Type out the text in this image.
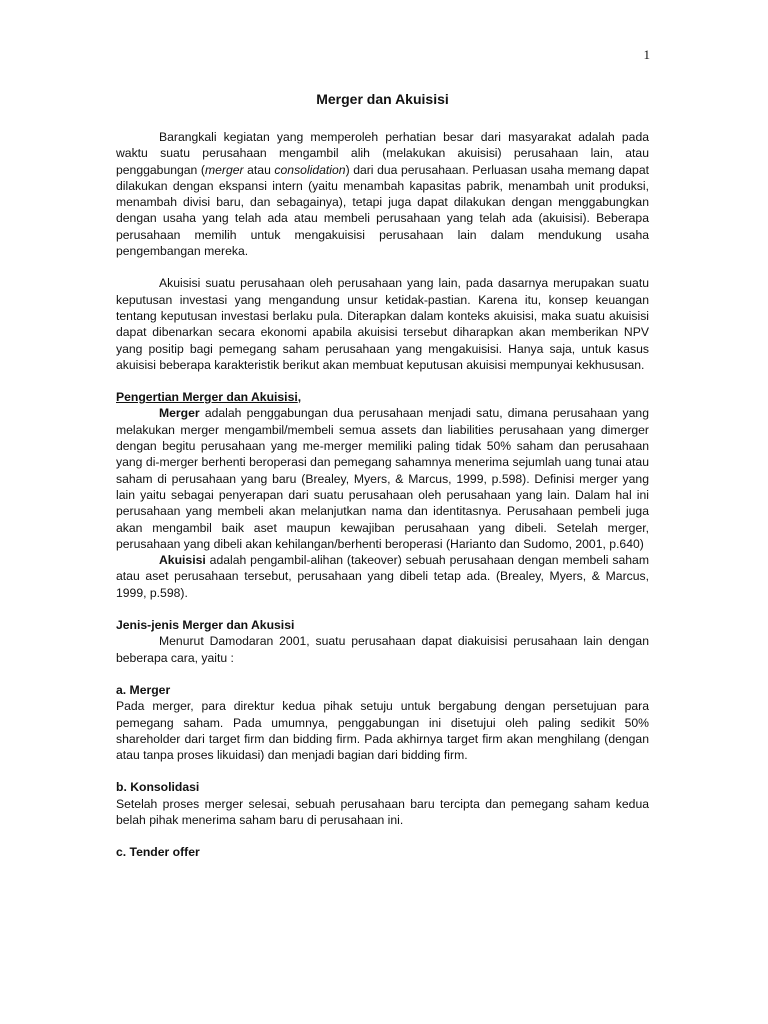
1
Merger dan Akuisisi

Barangkali kegiatan yang memperoleh perhatian besar dari masyarakat adalah pada waktu suatu perusahaan mengambil alih (melakukan akuisisi) perusahaan lain, atau penggabungan (merger atau consolidation) dari dua perusahaan. Perluasan usaha memang dapat dilakukan dengan ekspansi intern (yaitu menambah kapasitas pabrik, menambah unit produksi, menambah divisi baru, dan sebagainya), tetapi juga dapat dilakukan dengan menggabungkan dengan usaha yang telah ada atau membeli perusahaan yang telah ada (akuisisi). Beberapa perusahaan memilih untuk mengakuisisi perusahaan lain dalam mendukung usaha pengembangan mereka.

Akuisisi suatu perusahaan oleh perusahaan yang lain, pada dasarnya merupakan suatu keputusan investasi yang mengandung unsur ketidak-pastian. Karena itu, konsep keuangan tentang keputusan investasi berlaku pula. Diterapkan dalam konteks akuisisi, maka suatu akuisisi dapat dibenarkan secara ekonomi apabila akuisisi tersebut diharapkan akan memberikan NPV yang positip bagi pemegang saham perusahaan yang mengakuisisi. Hanya saja, untuk kasus akuisisi beberapa karakteristik berikut akan membuat keputusan akuisisi mempunyai kekhususan.

Pengertian Merger dan Akuisisi,

Merger adalah penggabungan dua perusahaan menjadi satu, dimana perusahaan yang melakukan merger mengambil/membeli semua assets dan liabilities perusahaan yang dimerger dengan begitu perusahaan yang me-merger memiliki paling tidak 50% saham dan perusahaan yang di-merger berhenti beroperasi dan pemegang sahamnya menerima sejumlah uang tunai atau saham di perusahaan yang baru (Brealey, Myers, & Marcus, 1999, p.598). Definisi merger yang lain yaitu sebagai penyerapan dari suatu perusahaan oleh perusahaan yang lain. Dalam hal ini perusahaan yang membeli akan melanjutkan nama dan identitasnya. Perusahaan pembeli juga akan mengambil baik aset maupun kewajiban perusahaan yang dibeli. Setelah merger, perusahaan yang dibeli akan kehilangan/berhenti beroperasi (Harianto dan Sudomo, 2001, p.640)

Akuisisi adalah pengambil-alihan (takeover) sebuah perusahaan dengan membeli saham atau aset perusahaan tersebut, perusahaan yang dibeli tetap ada. (Brealey, Myers, & Marcus, 1999, p.598).

Jenis-jenis Merger dan Akusisi

Menurut Damodaran 2001, suatu perusahaan dapat diakuisisi perusahaan lain dengan beberapa cara, yaitu :

a. Merger

Pada merger, para direktur kedua pihak setuju untuk bergabung dengan persetujuan para pemegang saham. Pada umumnya, penggabungan ini disetujui oleh paling sedikit 50% shareholder dari target firm dan bidding firm. Pada akhirnya target firm akan menghilang (dengan atau tanpa proses likuidasi) dan menjadi bagian dari bidding firm.

b. Konsolidasi

Setelah proses merger selesai, sebuah perusahaan baru tercipta dan pemegang saham kedua belah pihak menerima saham baru di perusahaan ini.

c. Tender offer
